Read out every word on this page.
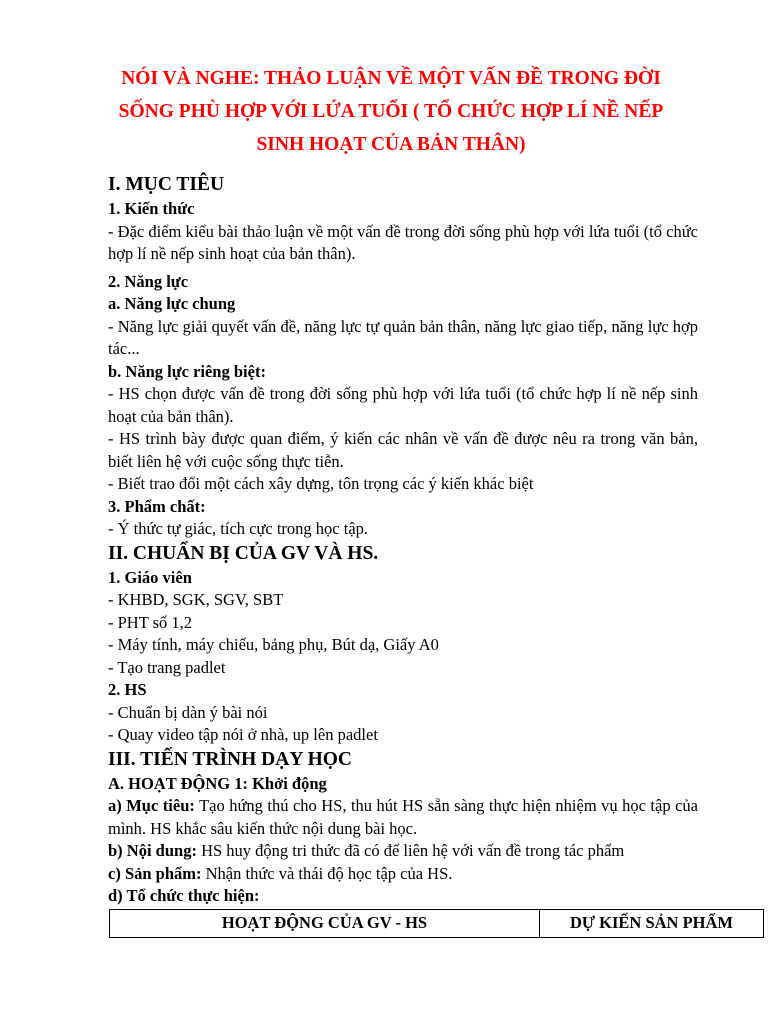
NÓI VÀ NGHE: THẢO LUẬN VỀ MỘT VẤN ĐỀ TRONG ĐỜI
SỐNG PHÙ HỢP VỚI LỨA TUỔI ( TỔ CHỨC HỢP LÍ NỀ NẾP
SINH HOẠT CỦA BẢN THÂN)

I. MỤC TIÊU

1. Kiến thức

- Đặc điểm kiểu bài thảo luận về một vấn đề trong đời sống phù hợp với lứa tuổi (tổ chức hợp lí nề nếp sinh hoạt của bản thân).

2. Năng lực

a. Năng lực chung

- Năng lực giải quyết vấn đề, năng lực tự quản bản thân, năng lực giao tiếp, năng lực hợp tác...

b. Năng lực riêng biệt:

- HS chọn được vấn đề trong đời sống phù hợp với lứa tuổi (tổ chức hợp lí nề nếp sinh hoạt của bản thân).

- HS trình bày được quan điểm, ý kiến các nhân về vấn đề được nêu ra trong văn bản, biết liên hệ với cuộc sống thực tiễn.

- Biết trao đổi một cách xây dựng, tôn trọng các ý kiến khác biệt

3. Phẩm chất:

- Ý thức tự giác, tích cực trong học tập.

II. CHUẨN BỊ CỦA GV VÀ HS.

1. Giáo viên

- KHBD, SGK, SGV, SBT

- PHT số 1,2

- Máy tính, máy chiếu, bảng phụ, Bút dạ, Giấy A0

- Tạo trang padlet

2. HS

- Chuẩn bị dàn ý bài nói

- Quay video tập nói ở nhà, up lên padlet

III. TIẾN TRÌNH DẠY HỌC

A. HOẠT ĐỘNG 1: Khởi động

a) Mục tiêu: Tạo hứng thú cho HS, thu hút HS sẵn sàng thực hiện nhiệm vụ học tập của mình. HS khắc sâu kiến thức nội dung bài học.

b) Nội dung: HS huy động tri thức đã có để liên hệ với vấn đề trong tác phẩm

c) Sản phẩm: Nhận thức và thái độ học tập của HS.

d) Tổ chức thực hiện:

HOẠT ĐỘNG CỦA GV - HS	DỰ KIẾN SẢN PHẨM
